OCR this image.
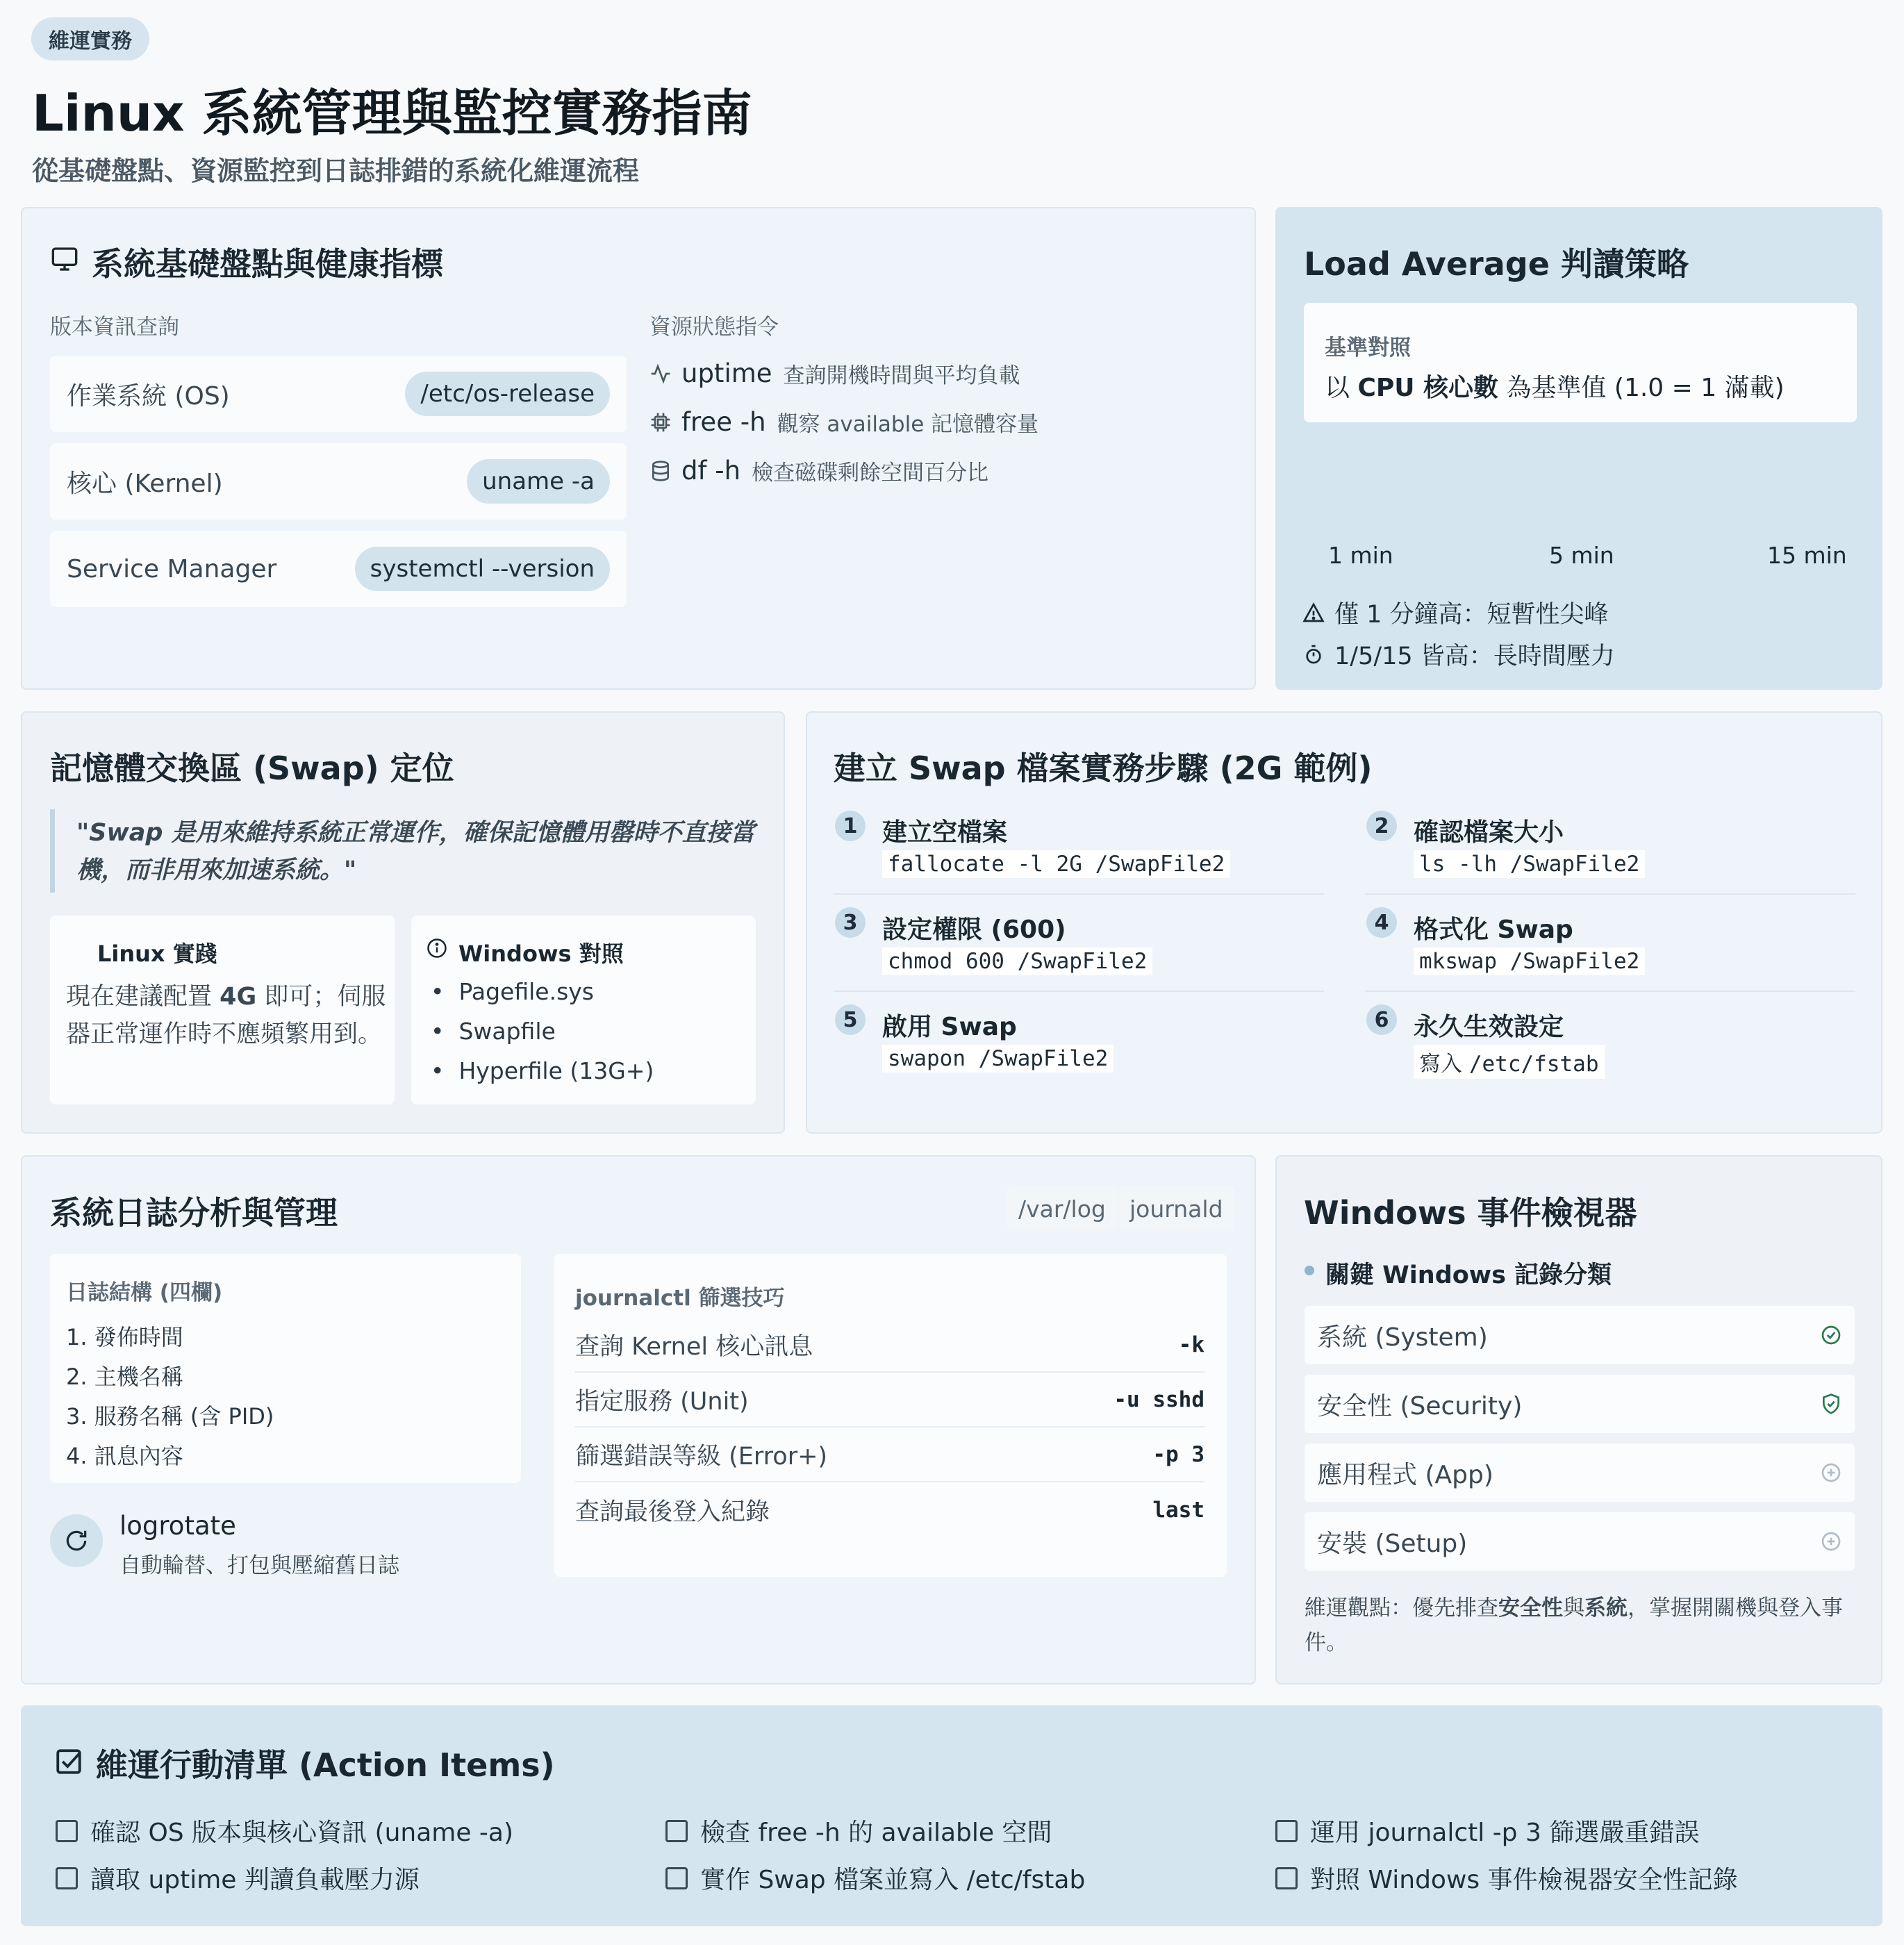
維運實務
Linux 系統管理與監控實務指南
從基礎盤點、資源監控到日誌排錯的系統化維運流程
系統基礎盤點與健康指標
版本資訊查詢
作業系統 (OS)	/etc/os-release
核心 (Kernel)	uname -a
Service Manager	systemctl --version
資源狀態指令
uptime 查詢開機時間與平均負載
free -h 觀察 available 記憶體容量
df -h 檢查磁碟剩餘空間百分比
Load Average 判讀策略
基準對照
以 CPU 核心數 為基準值 (1.0 = 1 滿載)
1 min	5 min	15 min
僅 1 分鐘高：短暫性尖峰
1/5/15 皆高：長時間壓力
記憶體交換區 (Swap) 定位
"Swap 是用來維持系統正常運作，確保記憶體用罄時不直接當
機，而非用來加速系統。"
Linux 實踐
現在建議配置 4G 即可；伺服
器正常運作時不應頻繁用到。
Windows 對照
•  Pagefile.sys
•  Swapfile
•  Hyperfile (13G+)
建立 Swap 檔案實務步驟 (2G 範例)
1 建立空檔案
fallocate -l 2G /SwapFile2
2 確認檔案大小
ls -lh /SwapFile2
3 設定權限 (600)
chmod 600 /SwapFile2
4 格式化 Swap
mkswap /SwapFile2
5 啟用 Swap
swapon /SwapFile2
6 永久生效設定
寫入 /etc/fstab
系統日誌分析與管理	/var/log	journald
日誌結構 (四欄)
1. 發佈時間
2. 主機名稱
3. 服務名稱 (含 PID)
4. 訊息內容
logrotate
自動輪替、打包與壓縮舊日誌
journalctl 篩選技巧
查詢 Kernel 核心訊息	-k
指定服務 (Unit)	-u sshd
篩選錯誤等級 (Error+)	-p 3
查詢最後登入紀錄	last
Windows 事件檢視器
關鍵 Windows 記錄分類
系統 (System)
安全性 (Security)
應用程式 (App)
安裝 (Setup)
維運觀點：優先排查安全性與系統，掌握開關機與登入事
件。
維運行動清單 (Action Items)
確認 OS 版本與核心資訊 (uname -a)	檢查 free -h 的 available 空間	運用 journalctl -p 3 篩選嚴重錯誤
讀取 uptime 判讀負載壓力源	實作 Swap 檔案並寫入 /etc/fstab	對照 Windows 事件檢視器安全性記錄
